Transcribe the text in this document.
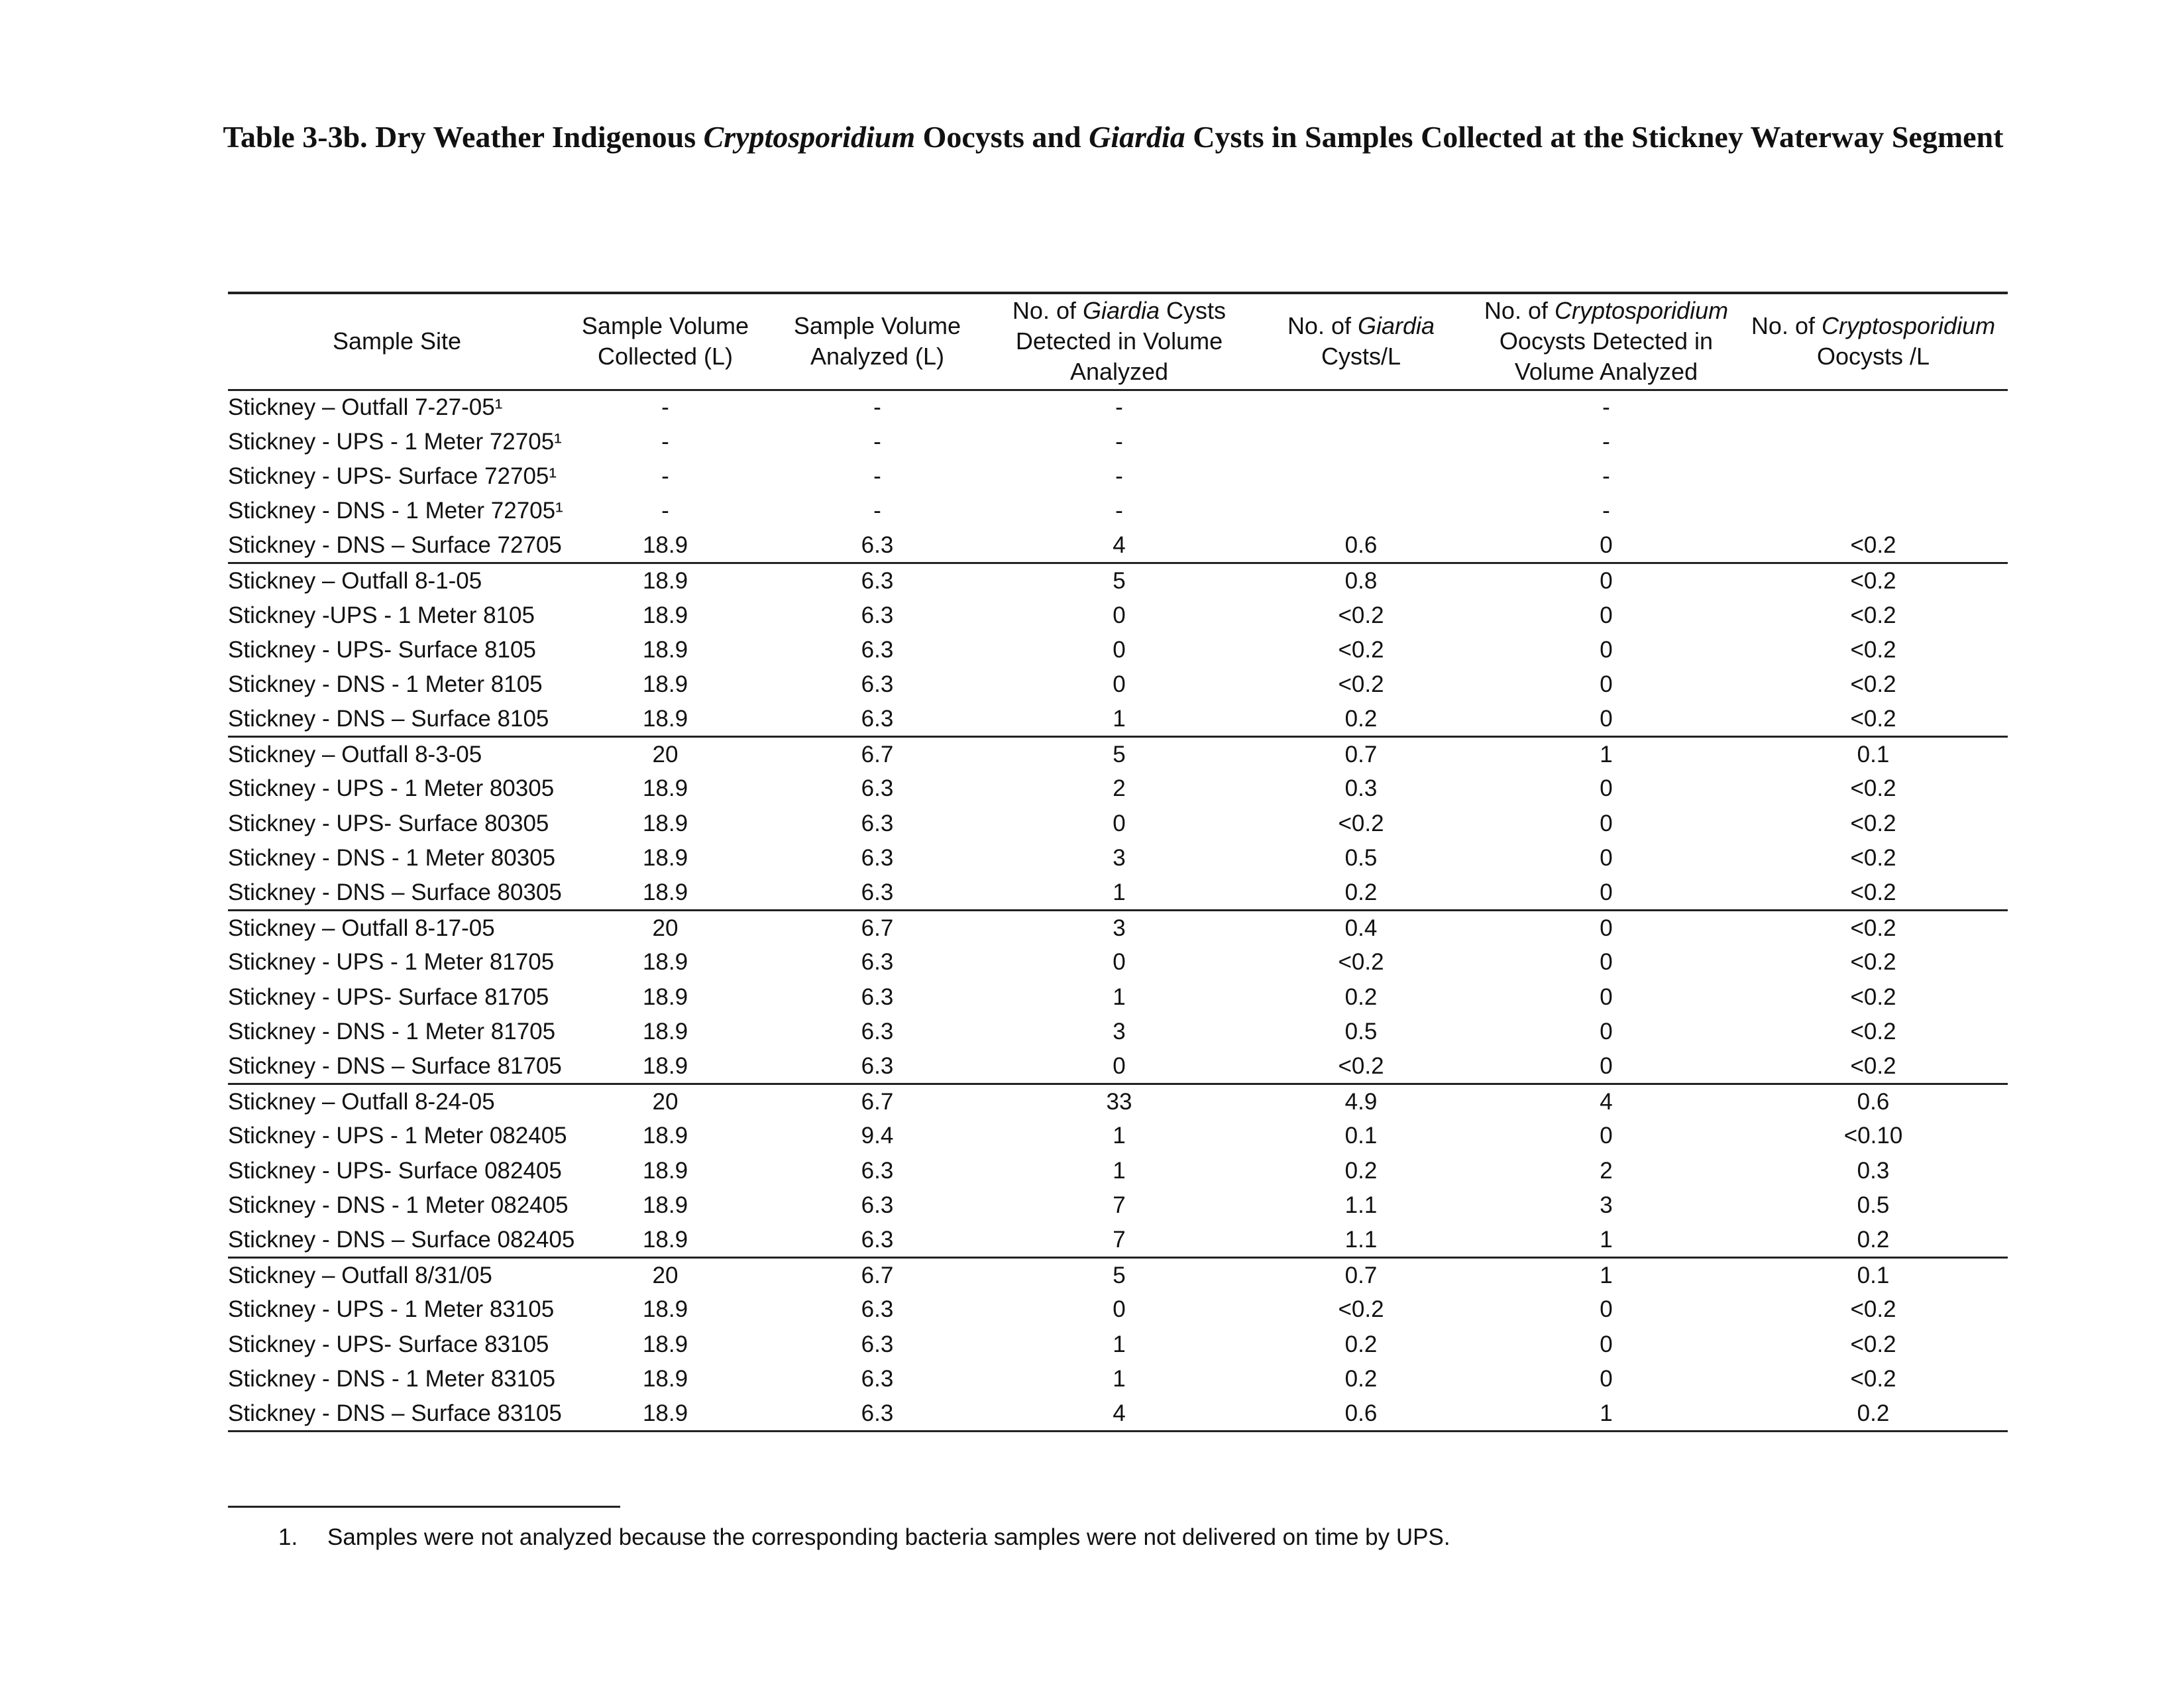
Table 3-3b. Dry Weather Indigenous Cryptosporidium Oocysts and Giardia Cysts in Samples Collected at the Stickney Waterway Segment
Sample Site	Sample Volume Collected (L)	Sample Volume Analyzed (L)	No. of Giardia Cysts Detected in Volume Analyzed	No. of Giardia Cysts/L	No. of Cryptosporidium Oocysts Detected in Volume Analyzed	No. of Cryptosporidium Oocysts /L
Stickney – Outfall 7-27-05¹	-	-	-		-	
Stickney - UPS - 1 Meter 72705¹	-	-	-		-	
Stickney - UPS- Surface 72705¹	-	-	-		-	
Stickney - DNS - 1 Meter 72705¹	-	-	-		-	
Stickney - DNS – Surface 72705	18.9	6.3	4	0.6	0	<0.2
Stickney – Outfall 8-1-05	18.9	6.3	5	0.8	0	<0.2
Stickney -UPS - 1 Meter 8105	18.9	6.3	0	<0.2	0	<0.2
Stickney - UPS- Surface 8105	18.9	6.3	0	<0.2	0	<0.2
Stickney - DNS - 1 Meter 8105	18.9	6.3	0	<0.2	0	<0.2
Stickney - DNS – Surface 8105	18.9	6.3	1	0.2	0	<0.2
Stickney – Outfall 8-3-05	20	6.7	5	0.7	1	0.1
Stickney - UPS - 1 Meter 80305	18.9	6.3	2	0.3	0	<0.2
Stickney - UPS- Surface 80305	18.9	6.3	0	<0.2	0	<0.2
Stickney - DNS - 1 Meter 80305	18.9	6.3	3	0.5	0	<0.2
Stickney - DNS – Surface 80305	18.9	6.3	1	0.2	0	<0.2
Stickney – Outfall 8-17-05	20	6.7	3	0.4	0	<0.2
Stickney - UPS - 1 Meter 81705	18.9	6.3	0	<0.2	0	<0.2
Stickney - UPS- Surface 81705	18.9	6.3	1	0.2	0	<0.2
Stickney - DNS - 1 Meter 81705	18.9	6.3	3	0.5	0	<0.2
Stickney - DNS – Surface 81705	18.9	6.3	0	<0.2	0	<0.2
Stickney – Outfall 8-24-05	20	6.7	33	4.9	4	0.6
Stickney - UPS - 1 Meter 082405	18.9	9.4	1	0.1	0	<0.10
Stickney - UPS- Surface 082405	18.9	6.3	1	0.2	2	0.3
Stickney - DNS - 1 Meter 082405	18.9	6.3	7	1.1	3	0.5
Stickney - DNS – Surface 082405	18.9	6.3	7	1.1	1	0.2
Stickney – Outfall 8/31/05	20	6.7	5	0.7	1	0.1
Stickney - UPS - 1 Meter 83105	18.9	6.3	0	<0.2	0	<0.2
Stickney - UPS- Surface 83105	18.9	6.3	1	0.2	0	<0.2
Stickney - DNS - 1 Meter 83105	18.9	6.3	1	0.2	0	<0.2
Stickney - DNS – Surface 83105	18.9	6.3	4	0.6	1	0.2
1. Samples were not analyzed because the corresponding bacteria samples were not delivered on time by UPS.
